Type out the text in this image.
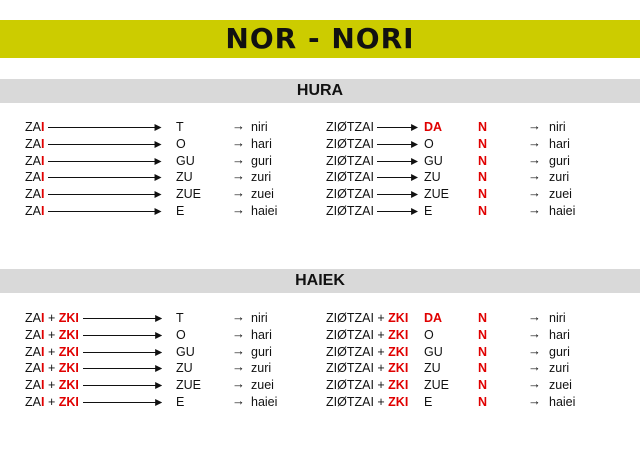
NOR - NORI
HURA
ZAI	T	→ niri	ZIØTZAI	DA	N	→ niri
ZAI	O	→ hari	ZIØTZAI	O	N	→ hari
ZAI	GU	→ guri	ZIØTZAI	GU	N	→ guri
ZAI	ZU	→ zuri	ZIØTZAI	ZU	N	→ zuri
ZAI	ZUE → zuei	ZIØTZAI	ZUE N	→ zuei
ZAI	E	→ haiei	ZIØTZAI	E	N	→ haiei
HAIEK
ZAI + ZKI	T	→ niri	ZIØTZAI + ZKI DA	N	→ niri
ZAI + ZKI	O	→ hari	ZIØTZAI + ZKI O	N	→ hari
ZAI + ZKI	GU	→ guri	ZIØTZAI + ZKI GU	N	→ guri
ZAI + ZKI	ZU	→ zuri	ZIØTZAI + ZKI ZU	N	→ zuri
ZAI + ZKI	ZUE → zuei	ZIØTZAI + ZKI ZUE N	→ zuei
ZAI + ZKI	E	→ haiei	ZIØTZAI + ZKI E	N	→ haiei
